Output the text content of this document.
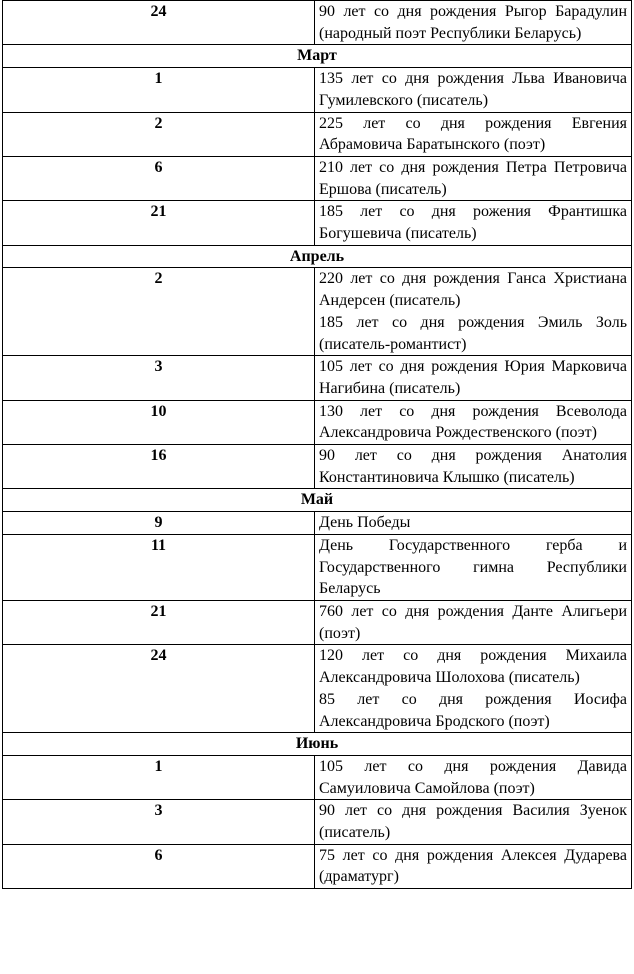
24	90 лет со дня рождения Рыгор Барадулин (народный поэт Республики Беларусь)

Март	
1	135 лет со дня рождения Льва Ивановича Гумилевского (писатель)

2	225 лет со дня рождения Евгения Абрамовича Баратынского (поэт)

6	210 лет со дня рождения Петра Петровича Ершова (писатель)

21	185 лет со дня рожения Франтишка Богушевича (писатель)

Апрель	
2	220 лет со дня рождения Ганса Христиана Андерсен (писатель)
185 лет со дня рождения Эмиль Золь (писатель-романтист)

3	105 лет со дня рождения Юрия Марковича Нагибина (писатель)

10	130 лет со дня рождения Всеволода Александровича Рождественского (поэт)

16	90 лет со дня рождения Анатолия Константиновича Клышко (писатель)

Май	
9	День Победы

11	День Государственного герба и Государственного гимна Республики Беларусь

21	760 лет со дня рождения Данте Алигьери (поэт)

24	120 лет со дня рождения Михаила Александровича Шолохова (писатель)
85 лет со дня рождения Иосифа Александровича Бродского (поэт)

Июнь	
1	105 лет со дня рождения Давида Самуиловича Самойлова (поэт)

3	90 лет со дня рождения Василия Зуенок (писатель)

6	75 лет со дня рождения Алексея Дударева (драматург)
